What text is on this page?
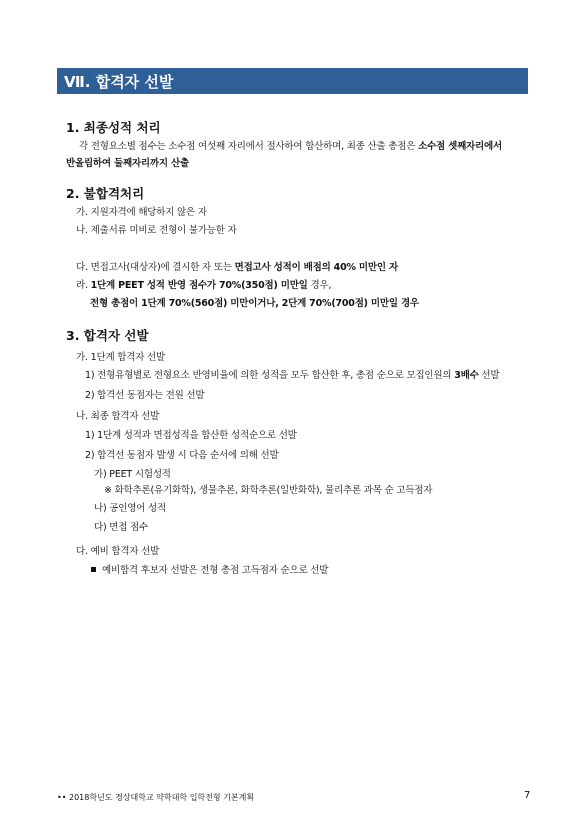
Ⅶ. 합격자 선발
1. 최종성적 처리
각 전형요소별 점수는 소수점 여섯째 자리에서 절사하여 합산하며, 최종 산출 총점은 소수점 셋째자리에서
반올림하여 둘째자리까지 산출
2. 불합격처리
가. 지원자격에 해당하지 않은 자
나. 제출서류 미비로 전형이 불가능한 자
다. 면접고사(대상자)에 결시한 자 또는 면접고사 성적이 배점의 40% 미만인 자
라. 1단계 PEET 성적 반영 점수가 70%(350점) 미만일 경우,
전형 총점이 1단계 70%(560점) 미만이거나, 2단계 70%(700점) 미만일 경우
3. 합격자 선발
가. 1단계 합격자 선발
1) 전형유형별로 전형요소 반영비율에 의한 성적을 모두 합산한 후, 총점 순으로 모집인원의 3배수 선발
2) 합격선 동점자는 전원 선발
나. 최종 합격자 선발
1) 1단계 성적과 면접성적을 합산한 성적순으로 선발
2) 합격선 동점자 발생 시 다음 순서에 의해 선발
가) PEET 시험성적
※ 화학추론(유기화학), 생물추론, 화학추론(일반화학), 물리추론 과목 순 고득점자
나) 공인영어 성적
다) 면접 점수
다. 예비 합격자 선발
예비합격 후보자 선발은 전형 총점 고득점자 순으로 선발
•• 2018학년도 경상대학교 약학대학 입학전형 기본계획	7
